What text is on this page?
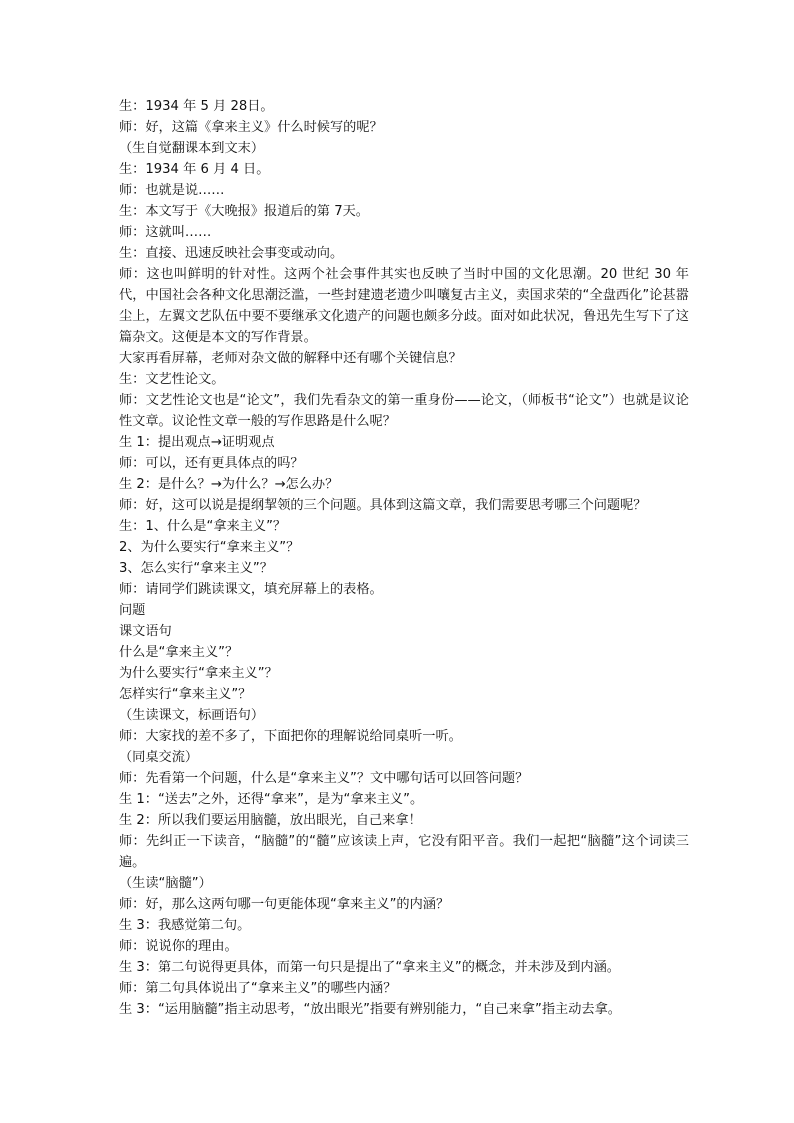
生：1934 年 5 月 28日。

师：好，这篇《拿来主义》什么时候写的呢？

（生自觉翻课本到文末）

生：1934 年 6 月 4 日。

师：也就是说……

生：本文写于《大晚报》报道后的第 7天。

师：这就叫……

生：直接、迅速反映社会事变或动向。

师：这也叫鲜明的针对性。这两个社会事件其实也反映了当时中国的文化思潮。20 世纪 30 年代，中国社会各种文化思潮泛滥，一些封建遗老遗少叫嚷复古主义，卖国求荣的“全盘西化”论甚嚣尘上，左翼文艺队伍中要不要继承文化遗产的问题也颇多分歧。面对如此状况，鲁迅先生写下了这篇杂文。这便是本文的写作背景。

大家再看屏幕，老师对杂文做的解释中还有哪个关键信息？

生：文艺性论文。

师：文艺性论文也是“论文”，我们先看杂文的第一重身份——论文，（师板书“论文”）也就是议论性文章。议论性文章一般的写作思路是什么呢？

生 1：提出观点→证明观点

师：可以，还有更具体点的吗？

生 2：是什么？→为什么？→怎么办？

师：好，这可以说是提纲挈领的三个问题。具体到这篇文章，我们需要思考哪三个问题呢？

生：1、什么是“拿来主义”？

2、为什么要实行“拿来主义”？

3、怎么实行“拿来主义”？

师：请同学们跳读课文，填充屏幕上的表格。

问题

课文语句

什么是“拿来主义”？

为什么要实行“拿来主义”？

怎样实行“拿来主义”？

（生读课文，标画语句）

师：大家找的差不多了，下面把你的理解说给同桌听一听。

（同桌交流）

师：先看第一个问题，什么是“拿来主义”？文中哪句话可以回答问题？

生 1：“送去”之外，还得“拿来”，是为“拿来主义”。

生 2：所以我们要运用脑髓，放出眼光，自己来拿！

师：先纠正一下读音，“脑髓”的“髓”应该读上声，它没有阳平音。我们一起把“脑髓”这个词读三遍。

（生读“脑髓”）

师：好，那么这两句哪一句更能体现“拿来主义”的内涵？

生 3：我感觉第二句。

师：说说你的理由。

生 3：第二句说得更具体，而第一句只是提出了“拿来主义”的概念，并未涉及到内涵。

师：第二句具体说出了“拿来主义”的哪些内涵？

生 3：“运用脑髓”指主动思考，“放出眼光”指要有辨别能力，“自己来拿”指主动去拿。
